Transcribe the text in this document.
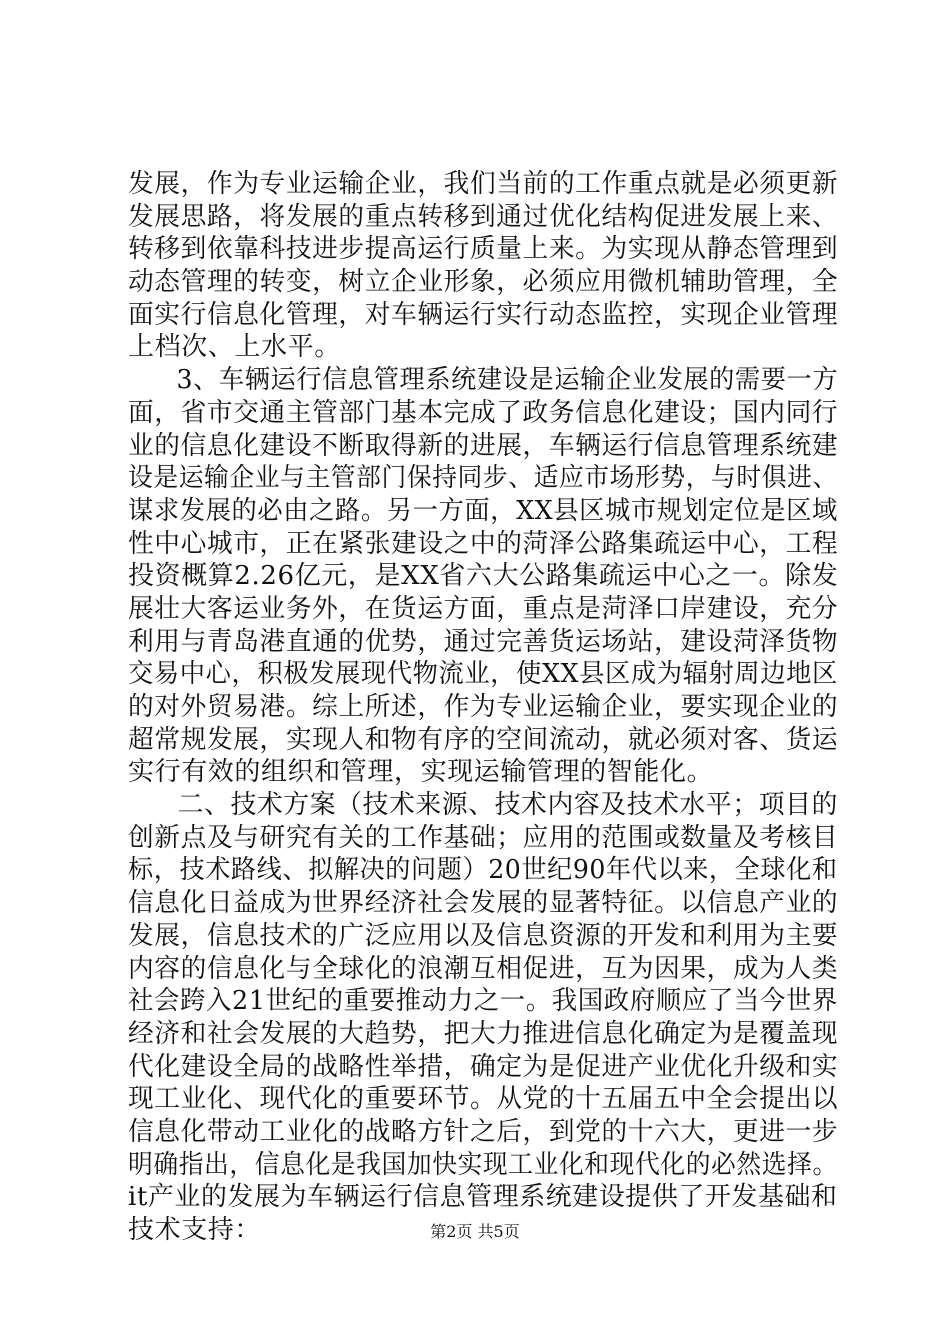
发展，作为专业运输企业，我们当前的工作重点就是必须更新
发展思路，将发展的重点转移到通过优化结构促进发展上来、
转移到依靠科技进步提高运行质量上来。为实现从静态管理到
动态管理的转变，树立企业形象，必须应用微机辅助管理，全
面实行信息化管理，对车辆运行实行动态监控，实现企业管理
上档次、上水平。
3、车辆运行信息管理系统建设是运输企业发展的需要一方
面，省市交通主管部门基本完成了政务信息化建设；国内同行
业的信息化建设不断取得新的进展，车辆运行信息管理系统建
设是运输企业与主管部门保持同步、适应市场形势，与时俱进、
谋求发展的必由之路。另一方面，XX县区城市规划定位是区域
性中心城市，正在紧张建设之中的菏泽公路集疏运中心，工程
投资概算2.26亿元，是XX省六大公路集疏运中心之一。除发
展壮大客运业务外，在货运方面，重点是菏泽口岸建设，充分
利用与青岛港直通的优势，通过完善货运场站，建设菏泽货物
交易中心，积极发展现代物流业，使XX县区成为辐射周边地区
的对外贸易港。综上所述，作为专业运输企业，要实现企业的
超常规发展，实现人和物有序的空间流动，就必须对客、货运
实行有效的组织和管理，实现运输管理的智能化。
二、技术方案（技术来源、技术内容及技术水平；项目的
创新点及与研究有关的工作基础；应用的范围或数量及考核目
标，技术路线、拟解决的问题）20世纪90年代以来，全球化和
信息化日益成为世界经济社会发展的显著特征。以信息产业的
发展，信息技术的广泛应用以及信息资源的开发和利用为主要
内容的信息化与全球化的浪潮互相促进，互为因果，成为人类
社会跨入21世纪的重要推动力之一。我国政府顺应了当今世界
经济和社会发展的大趋势，把大力推进信息化确定为是覆盖现
代化建设全局的战略性举措，确定为是促进产业优化升级和实
现工业化、现代化的重要环节。从党的十五届五中全会提出以
信息化带动工业化的战略方针之后，到党的十六大，更进一步
明确指出，信息化是我国加快实现工业化和现代化的必然选择。
it产业的发展为车辆运行信息管理系统建设提供了开发基础和
技术支持：	第2页 共5页
